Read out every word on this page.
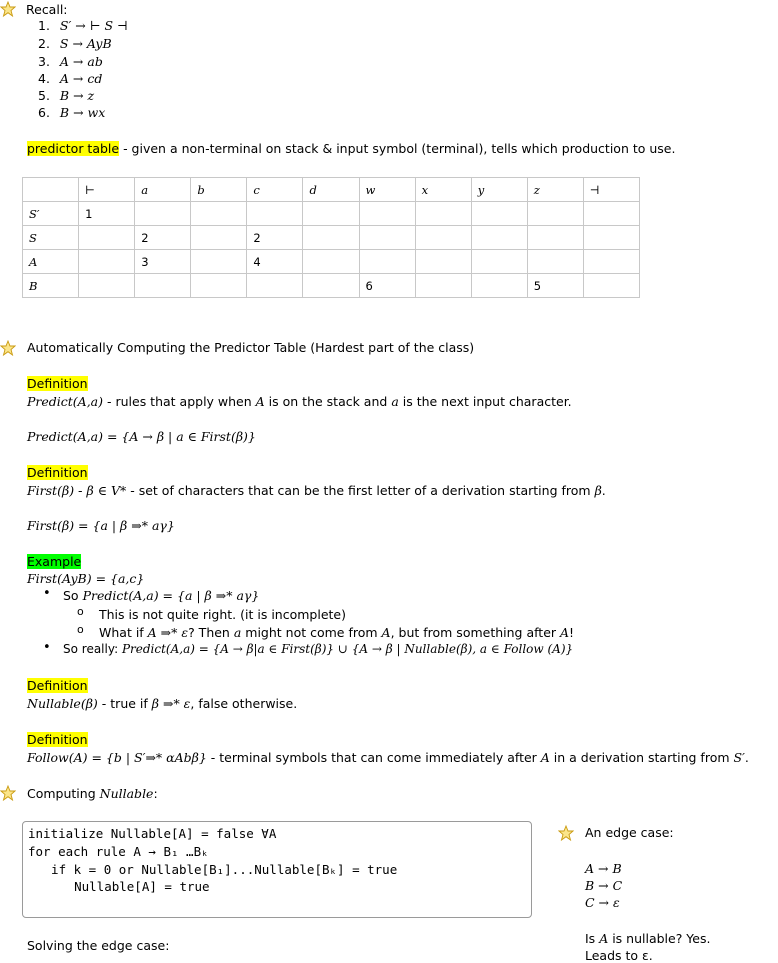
Recall:
1. S′ → ⊢ S ⊣
2. S → AyB
3. A → ab
4. A → cd
5. B → z
6. B → wx
predictor table - given a non-terminal on stack & input symbol (terminal), tells which production to use.
	⊢	a	b	c	d	w	x	y	z	⊣
S′	1									
S		2		2						
A		3		4						
B						6			5	
Automatically Computing the Predictor Table (Hardest part of the class)
Definition
Predict(A,a) - rules that apply when A is on the stack and a is the next input character.
Predict(A,a) = {A → β | a ∈ First(β)}
Definition
First(β) - β ∈ V* - set of characters that can be the first letter of a derivation starting from β.
First(β) = {a | β ⇒* aγ}
Example
First(AyB) = {a,c}
• So Predict(A,a) = {a | β ⇒* aγ}
o This is not quite right. (it is incomplete)
o What if A ⇒* ε? Then a might not come from A, but from something after A!
• So really: Predict(A,a) = {A → β|a ∈ First(β)} ∪ {A → β | Nullable(β), a ∈ Follow (A)}
Definition
Nullable(β) - true if β ⇒* ε, false otherwise.
Definition
Follow(A) = {b | S′⇒* αAbβ} - terminal symbols that can come immediately after A in a derivation starting from S′.
Computing Nullable:
initialize Nullable[A] = false ∀A
for each rule A → B₁ …Bₖ
if k = 0 or Nullable[B₁]...Nullable[Bₖ] = true
Nullable[A] = true
An edge case:
A → B
B → C
C → ε
Is A is nullable? Yes.
Leads to ε.
Solving the edge case:
